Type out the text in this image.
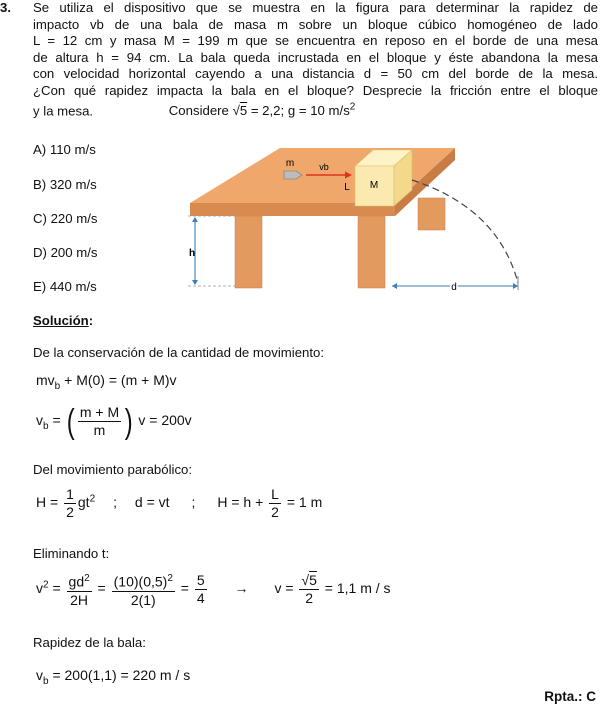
3. Se utiliza el dispositivo que se muestra en la figura para determinar la rapidez de
impacto vb de una bala de masa m sobre un bloque cúbico homogéneo de lado
L = 12 cm y masa M = 199 m que se encuentra en reposo en el borde de una mesa
de altura h = 94 cm. La bala queda incrustada en el bloque y éste abandona la mesa
con velocidad horizontal cayendo a una distancia d = 50 cm del borde de la mesa.
¿Con qué rapidez impacta la bala en el bloque? Desprecie la fricción entre el bloque
y la mesa.	Considere √5 = 2,2; g = 10 $m/s^2$
A) 110 m/s
B) 320 m/s
C) 220 m/s
D) 200 m/s
E) 440 m/s
M
L
m	vb
h
d
Solución:
De la conservación de la cantidad de movimiento:
$mv_b + M(0) = (m + M)v$
$v_b$ = ( $\frac{m + M}{m}$ ) v = 200v
Del movimiento parabólico:
$H = \frac{1}{2} gt^2$ ; d = vt ; $H = h + \frac{L}{2} = 1$ m
Eliminando t:
$v^2 = \frac{gd^2}{2H} = \frac{(10)(0,5)^2}{2(1)} = \frac{5}{4} \to v = \frac{√5}{2} = 1,1$ m / s
Rapidez de la bala:
$v_b = 200(1,1) = 220$ m / s
Rpta.: C
